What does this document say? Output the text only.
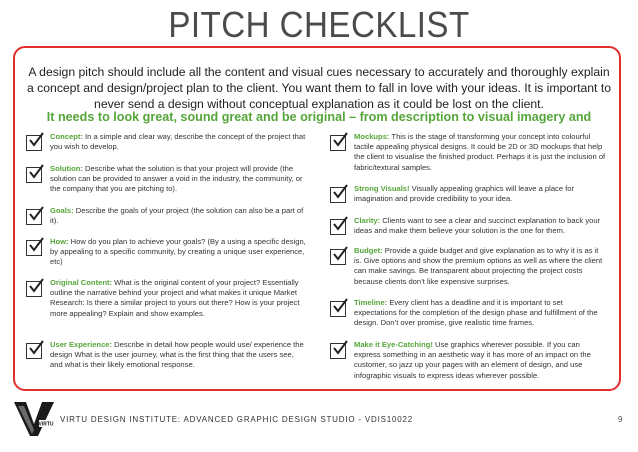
PITCH CHECKLIST
A design pitch should include all the content and visual cues necessary to accurately and thoroughly explain a concept and design/project plan to the client. You want them to fall in love with your ideas. It is important to never send a design without conceptual explanation as it could be lost on the client.
It needs to look great, sound great and be original – from description to visual imagery and
Concept: In a simple and clear way, describe the concept of the project that you wish to develop.
Solution: Describe what the solution is that your project will provide (the solution can be provided to answer a void in the industry, the community, or the company that you are pitching to).
Goals: Describe the goals of your project (the solution can also be a part of it).
How: How do you plan to achieve your goals? (By a using a specific design, by appealing to a specific community, by creating a unique user experience, etc)
Original Content: What is the original content of your project? Essentially outline the narrative behind your project and what makes it unique Market Research: Is there a similar project to yours out there? How is your project more appealing? Explain and show examples.
User Experience: Describe in detail how people would use/ experience the design What is the user journey, what is the first thing that the users see, and what is their likely emotional response.
Mockups: This is the stage of transforming your concept into colourful tactile appealing physical designs. It could be 2D or 3D mockups that help the client to visualise the finished product. Perhaps it is just the inclusion of fabric/textural samples.
Strong Visuals! Visually appealing graphics will leave a place for imagination and provide credibility to your idea.
Clarity: Clients want to see a clear and succinct explanation to back your ideas and make them believe your solution is the one for them.
Budget: Provide a guide budget and give explanation as to why it is as it is. Give options and show the premium options as well as where the client can make savings. Be transparent about projecting the project costs because clients don’t like expensive surprises.
Timeline: Every client has a deadline and it is important to set expectations for the completion of the design phase and fulfillment of the design. Don’t over promise, give realistic time frames.
Make it Eye-Catching! Use graphics wherever possible. If you can express something in an aesthetic way it has more of an impact on the customer, so jazz up your pages with an element of design, and use infographic visuals to express ideas wherever possible.
VIRTU
VIRTU DESIGN INSTITUTE: ADVANCED GRAPHIC DESIGN STUDIO - VDIS10022	9
